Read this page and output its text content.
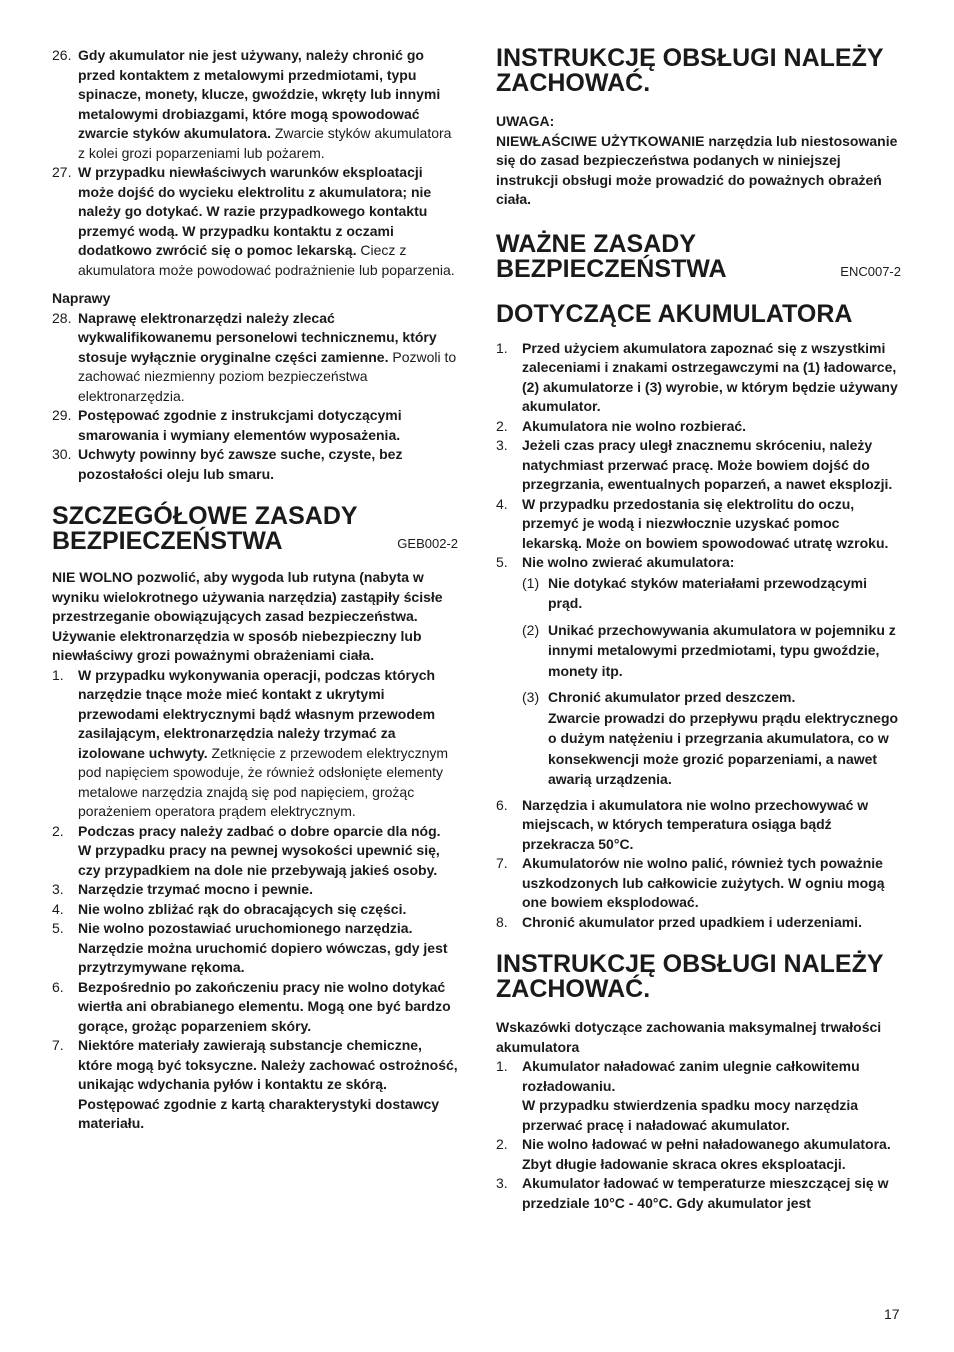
26. Gdy akumulator nie jest używany, należy chronić go przed kontaktem z metalowymi przedmiotami, typu spinacze, monety, klucze, gwoździe, wkręty lub innymi metalowymi drobiazgami, które mogą spowodować zwarcie styków akumulatora. Zwarcie styków akumulatora z kolei grozi poparzeniami lub pożarem.
27. W przypadku niewłaściwych warunków eksploatacji może dojść do wycieku elektrolitu z akumulatora; nie należy go dotykać. W razie przypadkowego kontaktu przemyć wodą. W przypadku kontaktu z oczami dodatkowo zwrócić się o pomoc lekarską. Ciecz z akumulatora może powodować podrażnienie lub poparzenia.
Naprawy
28. Naprawę elektronarzędzi należy zlecać wykwalifikowanemu personelowi technicznemu, który stosuje wyłącznie oryginalne części zamienne. Pozwoli to zachować niezmienny poziom bezpieczeństwa elektronarzędzia.
29. Postępować zgodnie z instrukcjami dotyczącymi smarowania i wymiany elementów wyposażenia.
30. Uchwyty powinny być zawsze suche, czyste, bez pozostałości oleju lub smaru.
SZCZEGÓŁOWE ZASADY BEZPIECZEŃSTWA	GEB002-2
NIE WOLNO pozwolić, aby wygoda lub rutyna (nabyta w wyniku wielokrotnego używania narzędzia) zastąpiły ścisłe przestrzeganie obowiązujących zasad bezpieczeństwa. Używanie elektronarzędzia w sposób niebezpieczny lub niewłaściwy grozi poważnymi obrażeniami ciała.
1.	W przypadku wykonywania operacji, podczas których narzędzie tnące może mieć kontakt z ukrytymi przewodami elektrycznymi bądź własnym przewodem zasilającym, elektronarzędzia należy trzymać za izolowane uchwyty. Zetknięcie z przewodem elektrycznym pod napięciem spowoduje, że również odsłonięte elementy metalowe narzędzia znajdą się pod napięciem, grożąc porażeniem operatora prądem elektrycznym.
2.	Podczas pracy należy zadbać o dobre oparcie dla nóg.
W przypadku pracy na pewnej wysokości upewnić się, czy przypadkiem na dole nie przebywają jakieś osoby.
3.	Narzędzie trzymać mocno i pewnie.
4.	Nie wolno zbliżać rąk do obracających się części.
5.	Nie wolno pozostawiać uruchomionego narzędzia. Narzędzie można uruchomić dopiero wówczas, gdy jest przytrzymywane rękoma.
6.	Bezpośrednio po zakończeniu pracy nie wolno dotykać wiertła ani obrabianego elementu. Mogą one być bardzo gorące, grożąc poparzeniem skóry.
7.	Niektóre materiały zawierają substancje chemiczne, które mogą być toksyczne. Należy zachować ostrożność, unikając wdychania pyłów i kontaktu ze skórą. Postępować zgodnie z kartą charakterystyki dostawcy materiału.
INSTRUKCJĘ OBSŁUGI NALEŻY ZACHOWAĆ.
UWAGA:
NIEWŁAŚCIWE UŻYTKOWANIE narzędzia lub niestosowanie się do zasad bezpieczeństwa podanych w niniejszej instrukcji obsługi może prowadzić do poważnych obrażeń ciała.
WAŻNE ZASADY
BEZPIECZEŃSTWA	ENC007-2
DOTYCZĄCE AKUMULATORA
1.	Przed użyciem akumulatora zapoznać się z wszystkimi zaleceniami i znakami ostrzegawczymi na (1) ładowarce, (2) akumulatorze i (3) wyrobie, w którym będzie używany akumulator.
2.	Akumulatora nie wolno rozbierać.
3.	Jeżeli czas pracy uległ znacznemu skróceniu, należy natychmiast przerwać pracę. Może bowiem dojść do przegrzania, ewentualnych poparzeń, a nawet eksplozji.
4.	W przypadku przedostania się elektrolitu do oczu, przemyć je wodą i niezwłocznie uzyskać pomoc lekarską. Może on bowiem spowodować utratę wzroku.
5.	Nie wolno zwierać akumulatora:
(1) Nie dotykać styków materiałami przewodzącymi prąd.
(2) Unikać przechowywania akumulatora w pojemniku z innymi metalowymi przedmiotami, typu gwoździe, monety itp.
(3) Chronić akumulator przed deszczem.
Zwarcie prowadzi do przepływu prądu elektrycznego o dużym natężeniu i przegrzania akumulatora, co w konsekwencji może grozić poparzeniami, a nawet awarią urządzenia.
6.	Narzędzia i akumulatora nie wolno przechowywać w miejscach, w których temperatura osiąga bądź przekracza 50°C.
7.	Akumulatorów nie wolno palić, również tych poważnie uszkodzonych lub całkowicie zużytych. W ogniu mogą one bowiem eksplodować.
8.	Chronić akumulator przed upadkiem i uderzeniami.
INSTRUKCJĘ OBSŁUGI NALEŻY ZACHOWAĆ.
Wskazówki dotyczące zachowania maksymalnej trwałości akumulatora
1.	Akumulator naładować zanim ulegnie całkowitemu rozładowaniu.
W przypadku stwierdzenia spadku mocy narzędzia przerwać pracę i naładować akumulator.
2.	Nie wolno ładować w pełni naładowanego akumulatora. Zbyt długie ładowanie skraca okres eksploatacji.
3.	Akumulator ładować w temperaturze mieszczącej się w przedziale 10°C - 40°C. Gdy akumulator jest
17
